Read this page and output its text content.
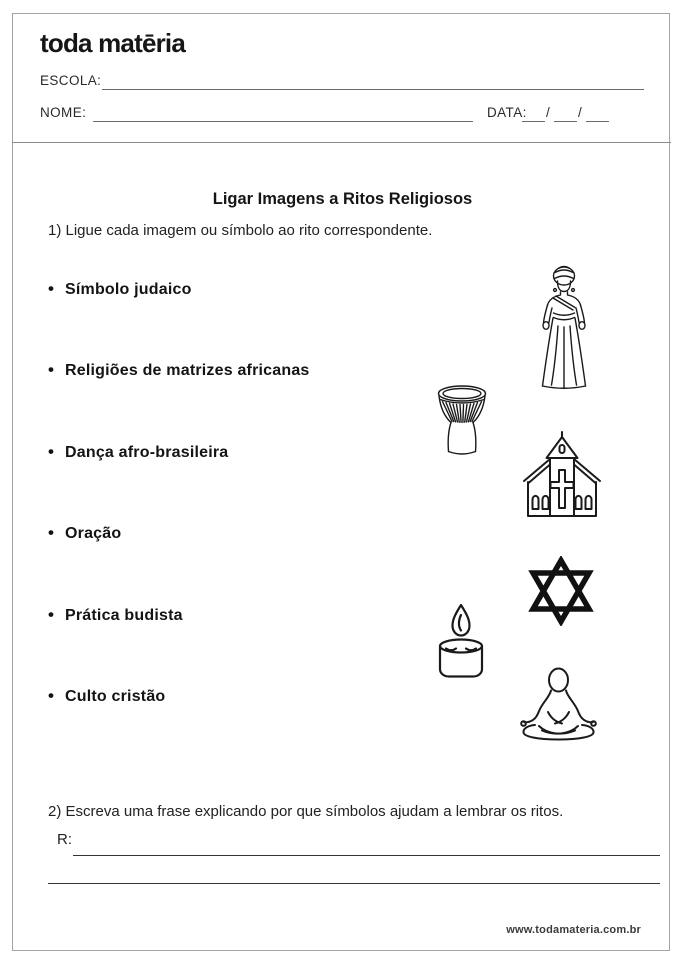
toda matēria
ESCOLA:
NOME:	DATA: / /
Ligar Imagens a Ritos Religiosos
1) Ligue cada imagem ou símbolo ao rito correspondente.
• Símbolo judaico
• Religiões de matrizes africanas
• Dança afro-brasileira
• Oração
• Prática budista
• Culto cristão
2) Escreva uma frase explicando por que símbolos ajudam a lembrar os ritos.
R:
www.todamateria.com.br
